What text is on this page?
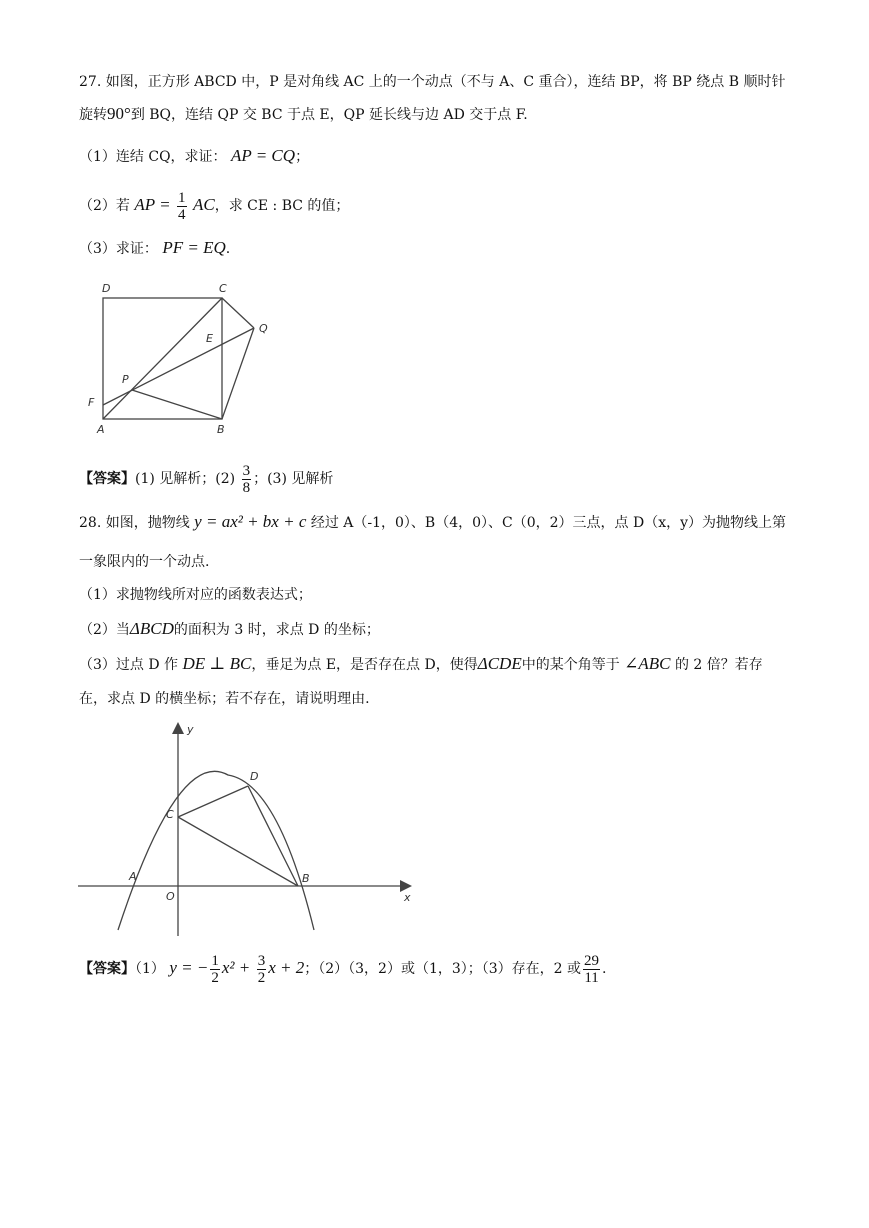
27. 如图，正方形 ABCD 中，P 是对角线 AC 上的一个动点（不与 A、C 重合），连结 BP，将 BP 绕点 B 顺时针
旋转90°到 BQ，连结 QP 交 BC 于点 E，QP 延长线与边 AD 交于点 F.
（1）连结 CQ，求证： AP = CQ；
（2）若 AP = $\frac{1}{4}$ AC，求 CE : BC 的值；
（3）求证： PF = EQ.
D	C
Q
E
P
F
A	B
【答案】(1) 见解析；$(2) \frac{3}{8}$ ；(3) 见解析
28. 如图，抛物线 y = ax² + bx + c 经过 A（-1，0）、B（4，0）、C（0，2）三点，点 D（x，y）为抛物线上第
一象限内的一个动点.
（1）求抛物线所对应的函数表达式；
（2）当ΔBCD的面积为 3 时，求点 D 的坐标；
（3）过点 D 作 DE ⊥ BC，垂足为点 E，是否存在点 D，使得ΔCDE中的某个角等于 ∠ABC 的 2 倍？若存
在，求点 D 的横坐标；若不存在，请说明理由.
y
x
O
A	B
C
D
【答案】（1） y = − $\frac{1}{2} x^2 + \frac{3}{2}$ x + 2；（2）（3，2）或（1，3）；（3）存在，2 或 $\frac{29}{11}$ .
